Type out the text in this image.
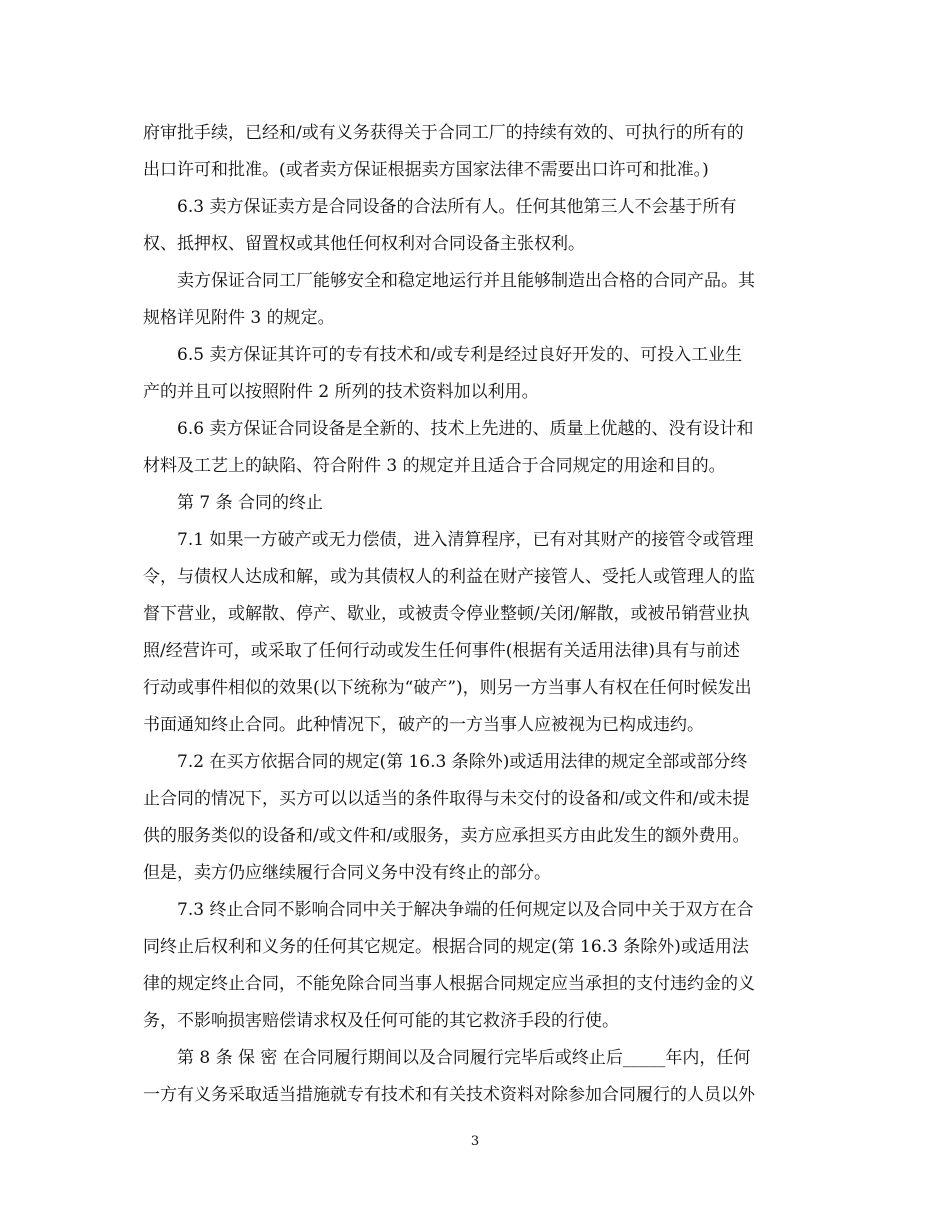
府审批手续，已经和/或有义务获得关于合同工厂的持续有效的、可执行的所有的
出口许可和批准。(或者卖方保证根据卖方国家法律不需要出口许可和批准。)
6.3 卖方保证卖方是合同设备的合法所有人。任何其他第三人不会基于所有
权、抵押权、留置权或其他任何权利对合同设备主张权利。
卖方保证合同工厂能够安全和稳定地运行并且能够制造出合格的合同产品。其
规格详见附件 3 的规定。
6.5 卖方保证其许可的专有技术和/或专利是经过良好开发的、可投入工业生
产的并且可以按照附件 2 所列的技术资料加以利用。
6.6 卖方保证合同设备是全新的、技术上先进的、质量上优越的、没有设计和
材料及工艺上的缺陷、符合附件 3 的规定并且适合于合同规定的用途和目的。
第 7 条 合同的终止
7.1 如果一方破产或无力偿债，进入清算程序，已有对其财产的接管令或管理
令，与债权人达成和解，或为其债权人的利益在财产接管人、受托人或管理人的监
督下营业，或解散、停产、歇业，或被责令停业整顿/关闭/解散，或被吊销营业执
照/经营许可，或采取了任何行动或发生任何事件(根据有关适用法律)具有与前述
行动或事件相似的效果(以下统称为“破产”)，则另一方当事人有权在任何时候发出
书面通知终止合同。此种情况下，破产的一方当事人应被视为已构成违约。
7.2 在买方依据合同的规定(第 16.3 条除外)或适用法律的规定全部或部分终
止合同的情况下，买方可以以适当的条件取得与未交付的设备和/或文件和/或未提
供的服务类似的设备和/或文件和/或服务，卖方应承担买方由此发生的额外费用。
但是，卖方仍应继续履行合同义务中没有终止的部分。
7.3 终止合同不影响合同中关于解决争端的任何规定以及合同中关于双方在合
同终止后权利和义务的任何其它规定。根据合同的规定(第 16.3 条除外)或适用法
律的规定终止合同，不能免除合同当事人根据合同规定应当承担的支付违约金的义
务，不影响损害赔偿请求权及任何可能的其它救济手段的行使。
第 8 条 保 密 在合同履行期间以及合同履行完毕后或终止后_____年内，任何
一方有义务采取适当措施就专有技术和有关技术资料对除参加合同履行的人员以外
3
